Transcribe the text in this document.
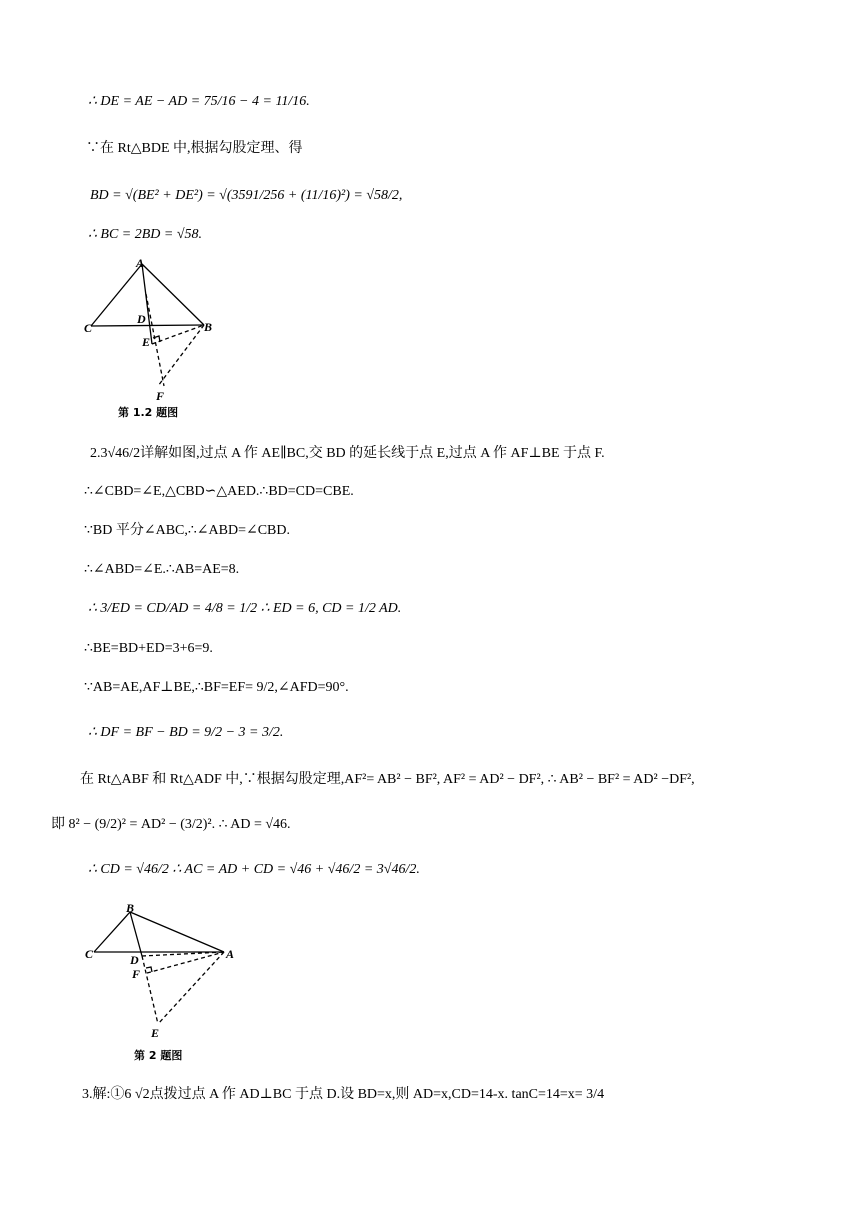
∴ DE = AE − AD = 75/16 − 4 = 11/16.
∵在 Rt△BDE 中,根据勾股定理、得
BD = √(BE² + DE²) = √(3591/256 + (11/16)²) = √58/2,
∴ BC = 2BD = √58.
A
C
D
B
E
F
第 1.2 题图
2.3√46/2详解如图,过点 A 作 AE∥BC,交 BD 的延长线于点 E,过点 A 作 AF⊥BE 于点 F.
∴∠CBD=∠E,△CBD∽△AED.∴BD=CD=CBE.
∵BD 平分∠ABC,∴∠ABD=∠CBD.
∴∠ABD=∠E.∴AB=AE=8.
∴ 3/ED = CD/AD = 4/8 = 1/2 ∴ ED = 6, CD = 1/2 AD.
∴BE=BD+ED=3+6=9.
∵AB=AE,AF⊥BE,∴BF=EF= 9/2,∠AFD=90°.
∴ DF = BF − BD = 9/2 − 3 = 3/2.
在 Rt△ABF 和 Rt△ADF 中,∵根据勾股定理,AF²= AB² − BF², AF² = AD² − DF², ∴ AB² − BF² = AD² −DF²,
即 8² − (9/2)² = AD² − (3/2)². ∴ AD = √46.
∴ CD = √46/2 ∴ AC = AD + CD = √46 + √46/2 = 3√46/2.
B
C	D	A
F
E
第 2 题图
3.解:①6 √2点拨过点 A 作 AD⊥BC 于点 D.设 BD=x,则 AD=x,CD=14-x. tanC=14=x= 3/4
